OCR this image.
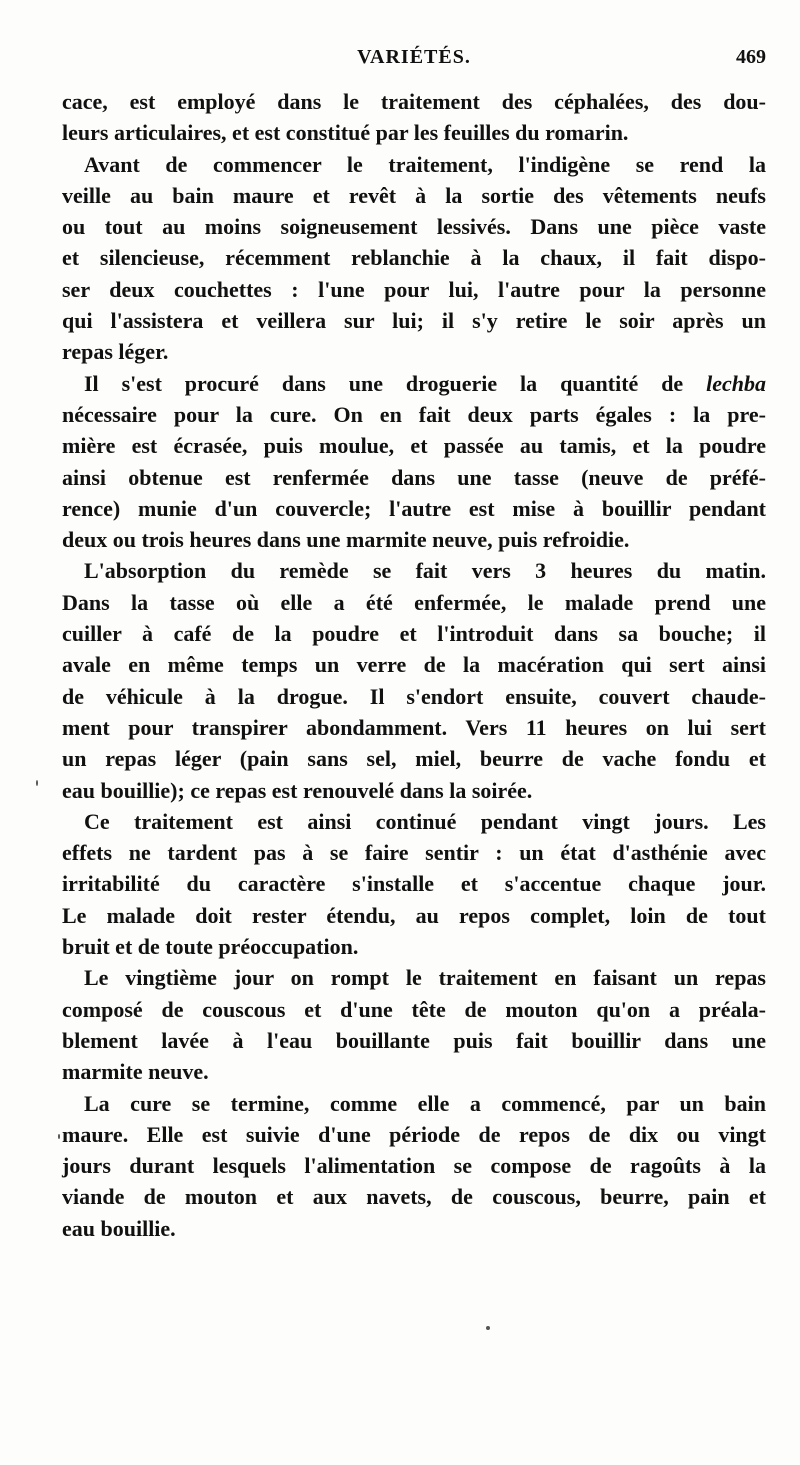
VARIÉTÉS.	469
cace, est employé dans le traitement des céphalées, des dou-
leurs articulaires, et est constitué par les feuilles du romarin.
Avant de commencer le traitement, l'indigène se rend la
veille au bain maure et revêt à la sortie des vêtements neufs
ou tout au moins soigneusement lessivés. Dans une pièce vaste
et silencieuse, récemment reblanchie à la chaux, il fait dispo-
ser deux couchettes : l'une pour lui, l'autre pour la personne
qui l'assistera et veillera sur lui; il s'y retire le soir après un
repas léger.
Il s'est procuré dans une droguerie la quantité de lechba
nécessaire pour la cure. On en fait deux parts égales : la pre-
mière est écrasée, puis moulue, et passée au tamis, et la poudre
ainsi obtenue est renfermée dans une tasse (neuve de préfé-
rence) munie d'un couvercle; l'autre est mise à bouillir pendant
deux ou trois heures dans une marmite neuve, puis refroidie.
L'absorption du remède se fait vers 3 heures du matin.
Dans la tasse où elle a été enfermée, le malade prend une
cuiller à café de la poudre et l'introduit dans sa bouche; il
avale en même temps un verre de la macération qui sert ainsi
de véhicule à la drogue. Il s'endort ensuite, couvert chaude-
ment pour transpirer abondamment. Vers 11 heures on lui sert
un repas léger (pain sans sel, miel, beurre de vache fondu et
eau bouillie); ce repas est renouvelé dans la soirée.
Ce traitement est ainsi continué pendant vingt jours. Les
effets ne tardent pas à se faire sentir : un état d'asthénie avec
irritabilité du caractère s'installe et s'accentue chaque jour.
Le malade doit rester étendu, au repos complet, loin de tout
bruit et de toute préoccupation.
Le vingtième jour on rompt le traitement en faisant un repas
composé de couscous et d'une tête de mouton qu'on a préala-
blement lavée à l'eau bouillante puis fait bouillir dans une
marmite neuve.
La cure se termine, comme elle a commencé, par un bain
maure. Elle est suivie d'une période de repos de dix ou vingt
jours durant lesquels l'alimentation se compose de ragoûts à la
viande de mouton et aux navets, de couscous, beurre, pain et
eau bouillie.
